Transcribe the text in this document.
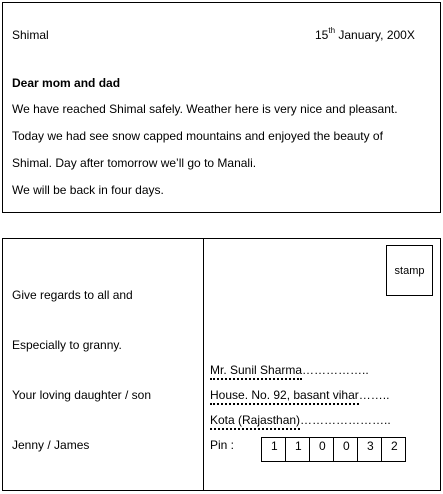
Shimal	15th January, 200X
Dear mom and dad
We have reached Shimal safely. Weather here is very nice and pleasant.
Today we had see snow capped mountains and enjoyed the beauty of
Shimal. Day after tomorrow we’ll go to Manali.
We will be back in four days.
Give regards to all and
Especially to granny.
Your loving daughter / son
Jenny / James
stamp
Mr. Sunil Sharma……………..
House. No. 92, basant vihar……..
Kota (Rajasthan)…………………..
Pin :	1	1	0	0	3	2
